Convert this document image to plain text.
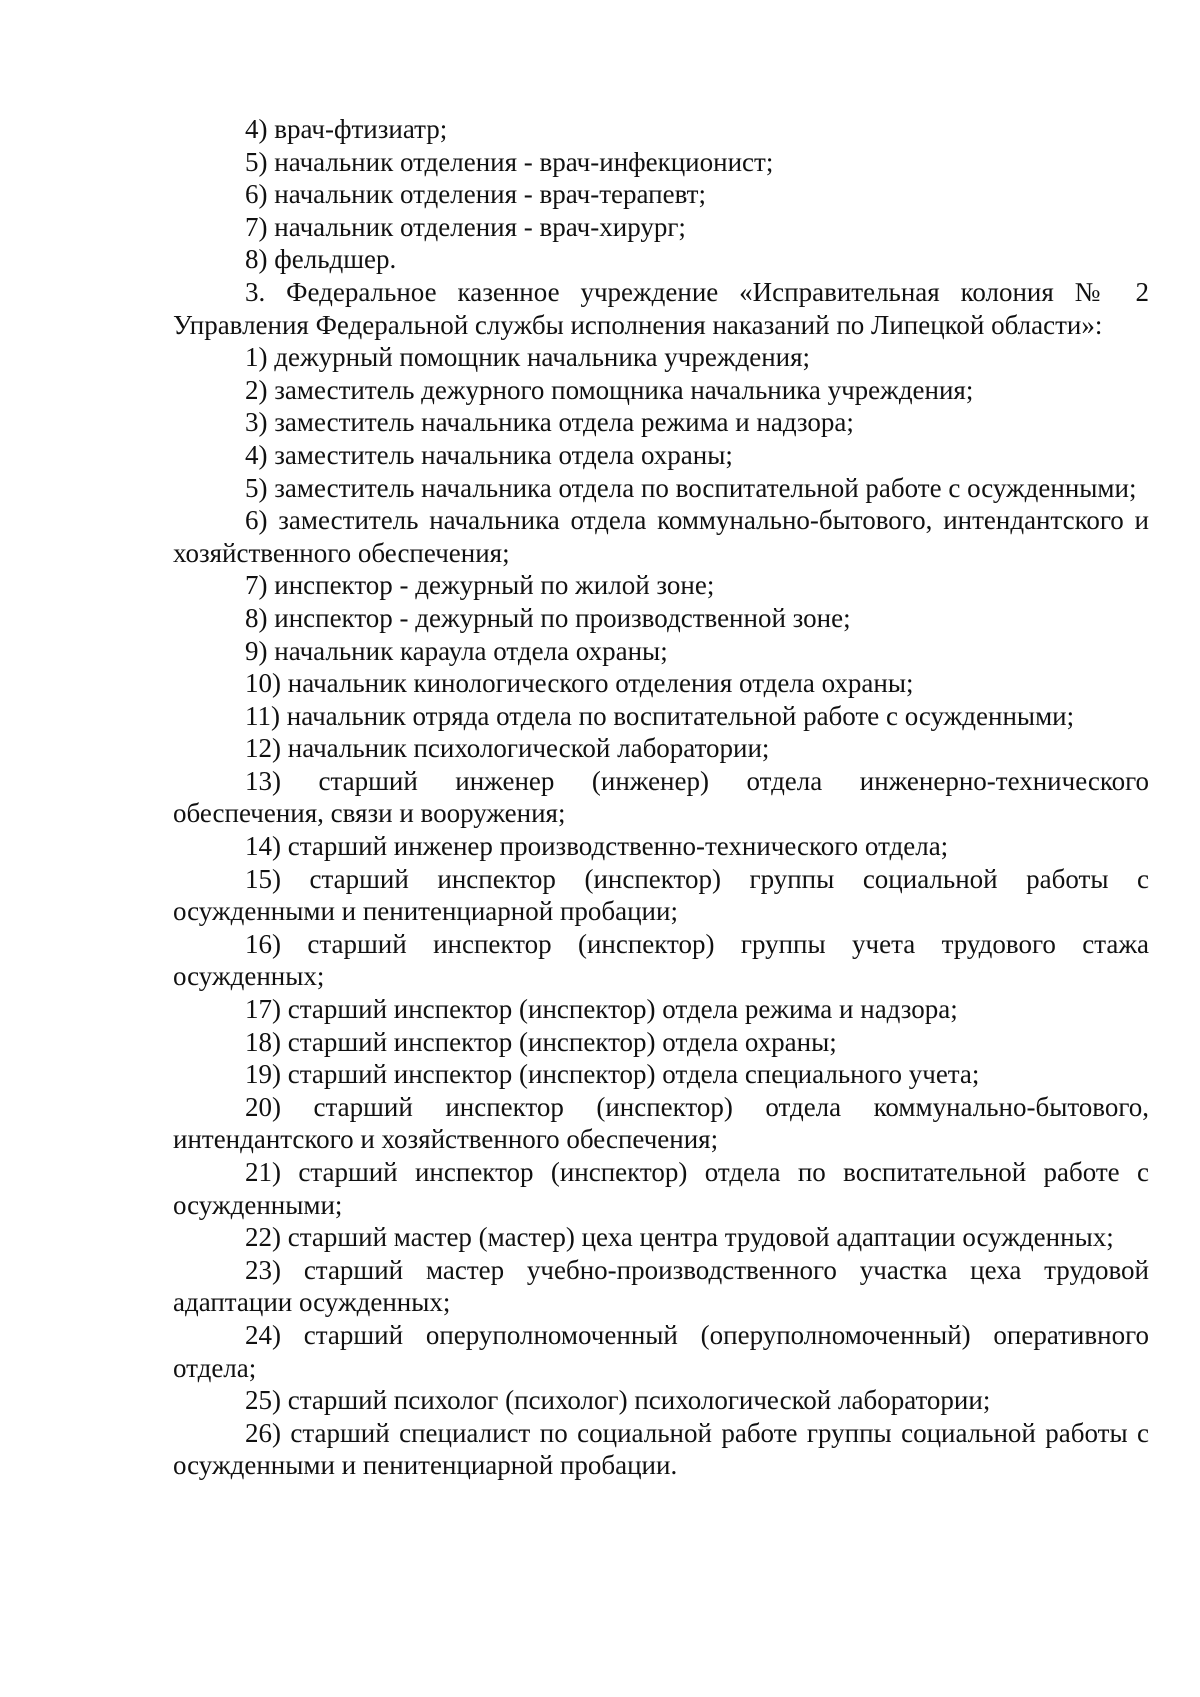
4) врач-фтизиатр;

5) начальник отделения - врач-инфекционист;

6) начальник отделения - врач-терапевт;

7) начальник отделения - врач-хирург;

8) фельдшер.

3. Федеральное казенное учреждение «Исправительная колония № 2 Управления Федеральной службы исполнения наказаний по Липецкой области»:

1) дежурный помощник начальника учреждения;

2) заместитель дежурного помощника начальника учреждения;

3) заместитель начальника отдела режима и надзора;

4) заместитель начальника отдела охраны;

5) заместитель начальника отдела по воспитательной работе с осужденными;

6) заместитель начальника отдела коммунально-бытового, интендантского и хозяйственного обеспечения;

7) инспектор - дежурный по жилой зоне;

8) инспектор - дежурный по производственной зоне;

9) начальник караула отдела охраны;

10) начальник кинологического отделения отдела охраны;

11) начальник отряда отдела по воспитательной работе с осужденными;

12) начальник психологической лаборатории;

13) старший инженер (инженер) отдела инженерно-технического обеспечения, связи и вооружения;

14) старший инженер производственно-технического отдела;

15) старший инспектор (инспектор) группы социальной работы с осужденными и пенитенциарной пробации;

16) старший инспектор (инспектор) группы учета трудового стажа осужденных;

17) старший инспектор (инспектор) отдела режима и надзора;

18) старший инспектор (инспектор) отдела охраны;

19) старший инспектор (инспектор) отдела специального учета;

20) старший инспектор (инспектор) отдела коммунально-бытового, интендантского и хозяйственного обеспечения;

21) старший инспектор (инспектор) отдела по воспитательной работе с осужденными;

22) старший мастер (мастер) цеха центра трудовой адаптации осужденных;

23) старший мастер учебно-производственного участка цеха трудовой адаптации осужденных;

24) старший оперуполномоченный (оперуполномоченный) оперативного отдела;

25) старший психолог (психолог) психологической лаборатории;

26) старший специалист по социальной работе группы социальной работы с осужденными и пенитенциарной пробации.
